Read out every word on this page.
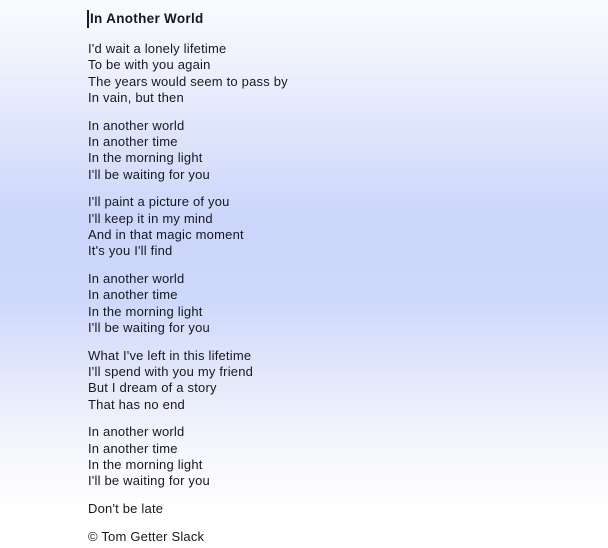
In Another World

I'd wait a lonely lifetime
To be with you again
The years would seem to pass by
In vain, but then

In another world
In another time
In the morning light
I'll be waiting for you

I'll paint a picture of you
I'll keep it in my mind
And in that magic moment
It's you I'll find

In another world
In another time
In the morning light
I'll be waiting for you

What I've left in this lifetime
I'll spend with you my friend
But I dream of a story
That has no end

In another world
In another time
In the morning light
I'll be waiting for you

Don't be late

© Tom Getter Slack
